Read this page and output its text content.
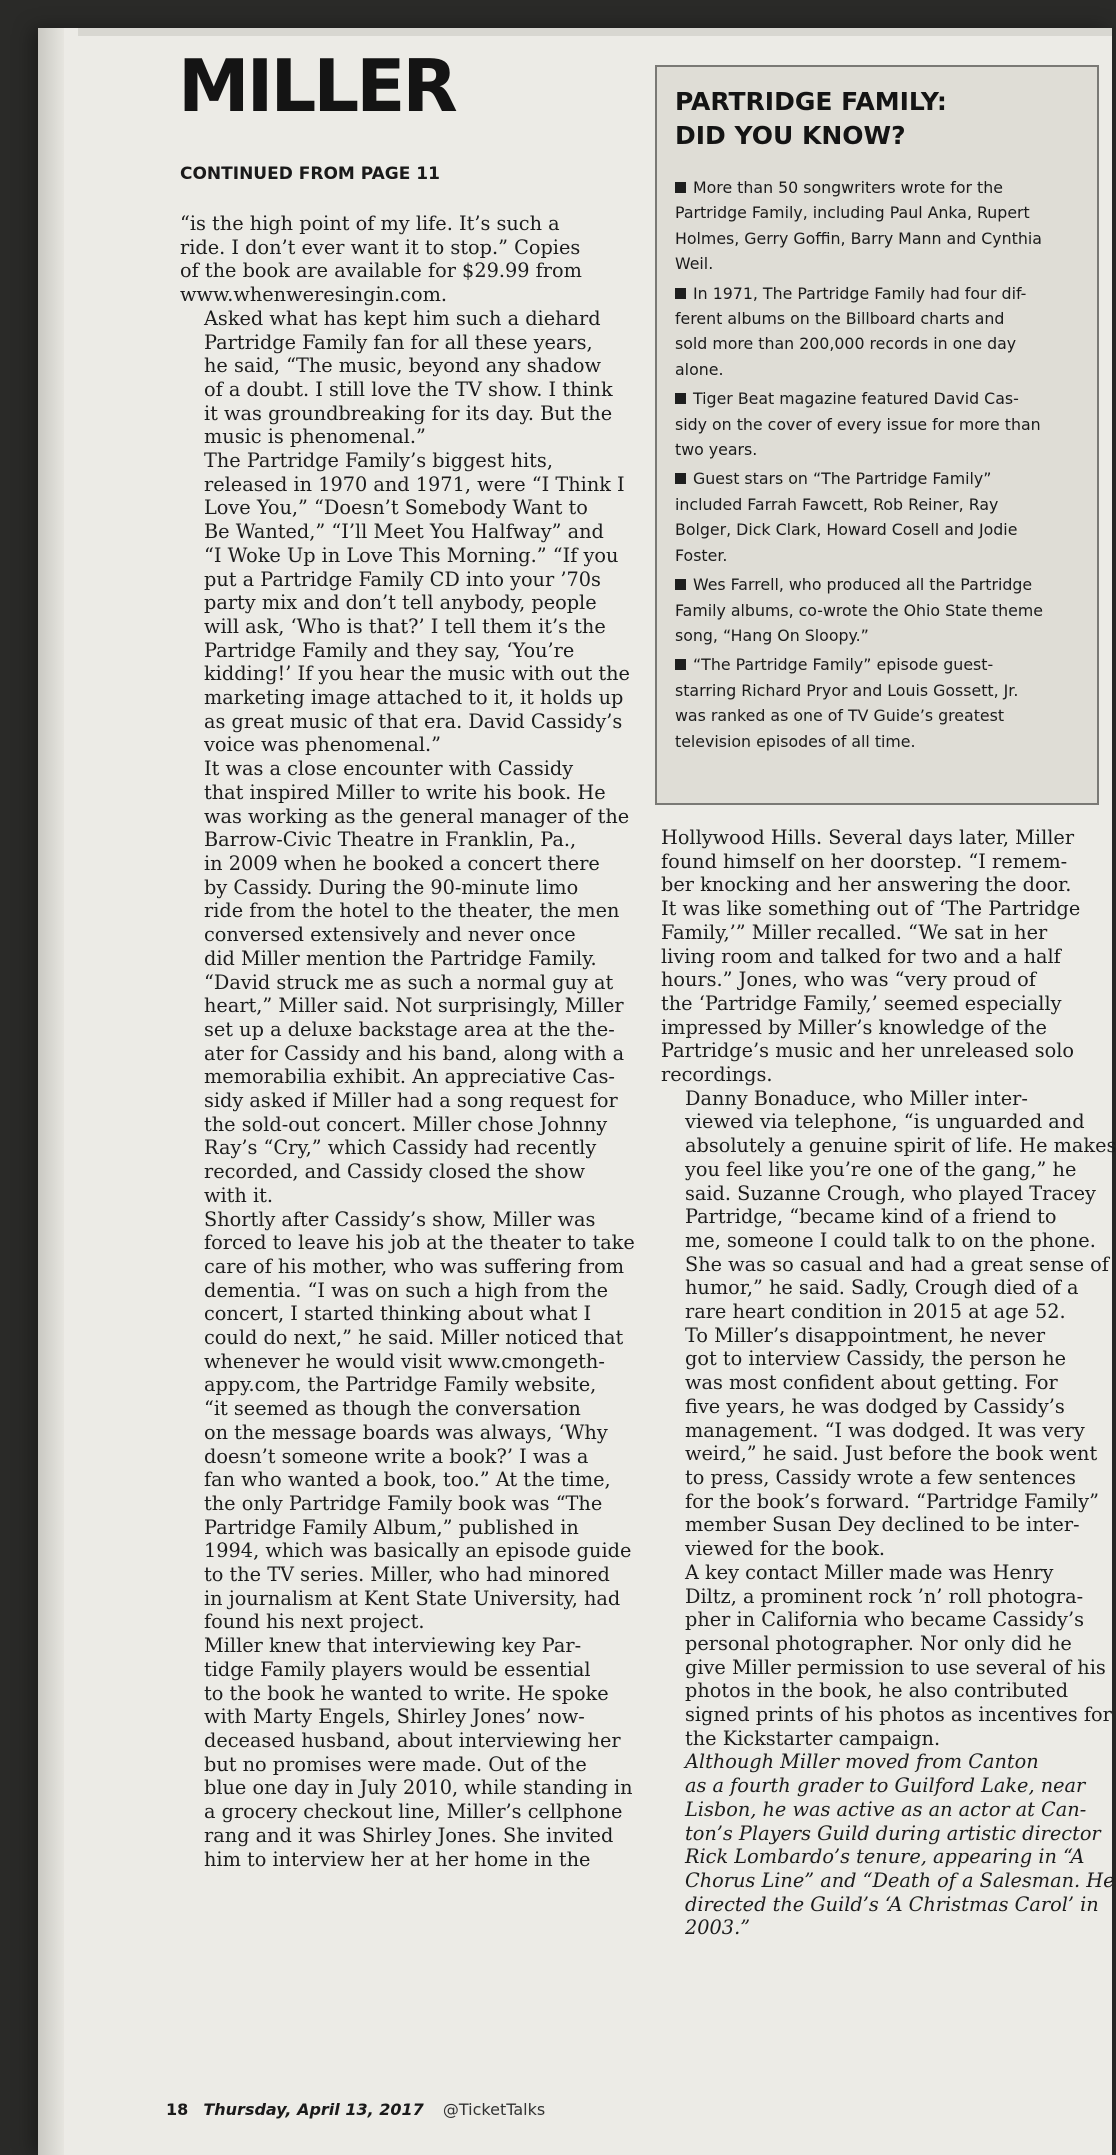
MILLER
CONTINUED FROM PAGE 11

“is the high point of my life. It’s such a
ride. I don’t ever want it to stop.” Copies
of the book are available for $29.99 from
www.whenweresingin.com.

Asked what has kept him such a diehard
Partridge Family fan for all these years,
he said, “The music, beyond any shadow
of a doubt. I still love the TV show. I think
it was groundbreaking for its day. But the
music is phenomenal.”

The Partridge Family’s biggest hits,
released in 1970 and 1971, were “I Think I
Love You,” “Doesn’t Somebody Want to
Be Wanted,” “I’ll Meet You Halfway” and
“I Woke Up in Love This Morning.” “If you
put a Partridge Family CD into your ’70s
party mix and don’t tell anybody, people
will ask, ‘Who is that?’ I tell them it’s the
Partridge Family and they say, ‘You’re
kidding!’ If you hear the music with out the
marketing image attached to it, it holds up
as great music of that era. David Cassidy’s
voice was phenomenal.”

It was a close encounter with Cassidy
that inspired Miller to write his book. He
was working as the general manager of the
Barrow-Civic Theatre in Franklin, Pa.,
in 2009 when he booked a concert there
by Cassidy. During the 90-minute limo
ride from the hotel to the theater, the men
conversed extensively and never once
did Miller mention the Partridge Family.
“David struck me as such a normal guy at
heart,” Miller said. Not surprisingly, Miller
set up a deluxe backstage area at the the-
ater for Cassidy and his band, along with a
memorabilia exhibit. An appreciative Cas-
sidy asked if Miller had a song request for
the sold-out concert. Miller chose Johnny
Ray’s “Cry,” which Cassidy had recently
recorded, and Cassidy closed the show
with it.

Shortly after Cassidy’s show, Miller was
forced to leave his job at the theater to take
care of his mother, who was suffering from
dementia. “I was on such a high from the
concert, I started thinking about what I
could do next,” he said. Miller noticed that
whenever he would visit www.cmongeth-
appy.com, the Partridge Family website,
“it seemed as though the conversation
on the message boards was always, ‘Why
doesn’t someone write a book?’ I was a
fan who wanted a book, too.” At the time,
the only Partridge Family book was “The
Partridge Family Album,” published in
1994, which was basically an episode guide
to the TV series. Miller, who had minored
in journalism at Kent State University, had
found his next project.

Miller knew that interviewing key Par-
tidge Family players would be essential
to the book he wanted to write. He spoke
with Marty Engels, Shirley Jones’ now-
deceased husband, about interviewing her
but no promises were made. Out of the
blue one day in July 2010, while standing in
a grocery checkout line, Miller’s cellphone
rang and it was Shirley Jones. She invited
him to interview her at her home in the

PARTRIDGE FAMILY:
DID YOU KNOW?
More than 50 songwriters wrote for the
Partridge Family, including Paul Anka, Rupert
Holmes, Gerry Goffin, Barry Mann and Cynthia
Weil.
In 1971, The Partridge Family had four dif-
ferent albums on the Billboard charts and
sold more than 200,000 records in one day
alone.
Tiger Beat magazine featured David Cas-
sidy on the cover of every issue for more than
two years.
Guest stars on “The Partridge Family”
included Farrah Fawcett, Rob Reiner, Ray
Bolger, Dick Clark, Howard Cosell and Jodie
Foster.
Wes Farrell, who produced all the Partridge
Family albums, co-wrote the Ohio State theme
song, “Hang On Sloopy.”
“The Partridge Family” episode guest-
starring Richard Pryor and Louis Gossett, Jr.
was ranked as one of TV Guide’s greatest
television episodes of all time.

Hollywood Hills. Several days later, Miller
found himself on her doorstep. “I remem-
ber knocking and her answering the door.
It was like something out of ‘The Partridge
Family,’” Miller recalled. “We sat in her
living room and talked for two and a half
hours.” Jones, who was “very proud of
the ‘Partridge Family,’ seemed especially
impressed by Miller’s knowledge of the
Partridge’s music and her unreleased solo
recordings.

Danny Bonaduce, who Miller inter-
viewed via telephone, “is unguarded and
absolutely a genuine spirit of life. He makes
you feel like you’re one of the gang,” he
said. Suzanne Crough, who played Tracey
Partridge, “became kind of a friend to
me, someone I could talk to on the phone.
She was so casual and had a great sense of
humor,” he said. Sadly, Crough died of a
rare heart condition in 2015 at age 52.

To Miller’s disappointment, he never
got to interview Cassidy, the person he
was most confident about getting. For
five years, he was dodged by Cassidy’s
management. “I was dodged. It was very
weird,” he said. Just before the book went
to press, Cassidy wrote a few sentences
for the book’s forward. “Partridge Family”
member Susan Dey declined to be inter-
viewed for the book.

A key contact Miller made was Henry
Diltz, a prominent rock ’n’ roll photogra-
pher in California who became Cassidy’s
personal photographer. Nor only did he
give Miller permission to use several of his
photos in the book, he also contributed
signed prints of his photos as incentives for
the Kickstarter campaign.

Although Miller moved from Canton
as a fourth grader to Guilford Lake, near
Lisbon, he was active as an actor at Can-
ton’s Players Guild during artistic director
Rick Lombardo’s tenure, appearing in “A
Chorus Line” and “Death of a Salesman. He
directed the Guild’s ‘A Christmas Carol’ in
2003.”

18 Thursday, April 13, 2017 @TicketTalks
